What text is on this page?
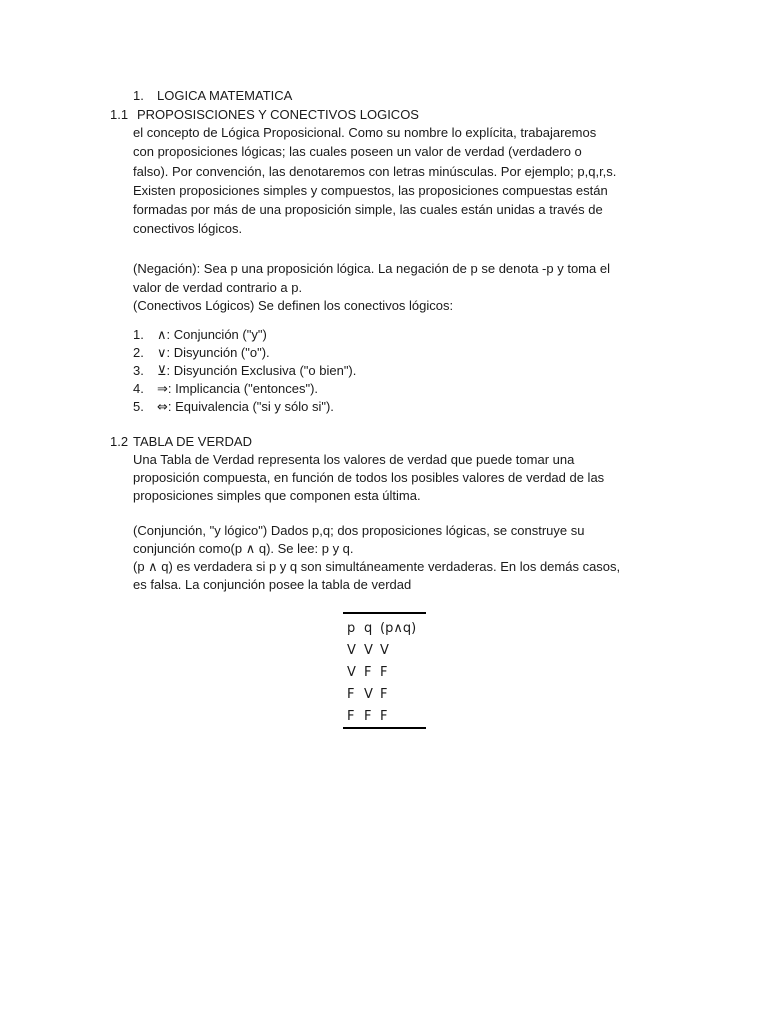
1. LOGICA MATEMATICA
1.1 PROPOSISCIONES Y CONECTIVOS LOGICOS
el concepto de Lógica Proposicional. Como su nombre lo explícita, trabajaremos
con proposiciones lógicas; las cuales poseen un valor de verdad (verdadero o
falso). Por convención, las denotaremos con letras minúsculas. Por ejemplo; p,q,r,s.
Existen proposiciones simples y compuestos, las proposiciones compuestas están
formadas por más de una proposición simple, las cuales están unidas a través de
conectivos lógicos.
(Negación): Sea p una proposición lógica. La negación de p se denota -p y toma el
valor de verdad contrario a p.
(Conectivos Lógicos) Se definen los conectivos lógicos:
1. ∧: Conjunción ("y")
2. ∨: Disyunción ("o").
3. ⊻: Disyunción Exclusiva ("o bien").
4. ⇒: Implicancia ("entonces").
5. ⇔: Equivalencia ("si y sólo si").
1.2 TABLA DE VERDAD
Una Tabla de Verdad representa los valores de verdad que puede tomar una
proposición compuesta, en función de todos los posibles valores de verdad de las
proposiciones simples que componen esta última.
(Conjunción, "y lógico") Dados p,q; dos proposiciones lógicas, se construye su
conjunción como(p ∧ q). Se lee: p y q.
(p ∧ q) es verdadera si p y q son simultáneamente verdaderas. En los demás casos,
es falsa. La conjunción posee la tabla de verdad
p	q	(p∧q)
V	V	V
V	F	F
F	V	F
F	F	F
